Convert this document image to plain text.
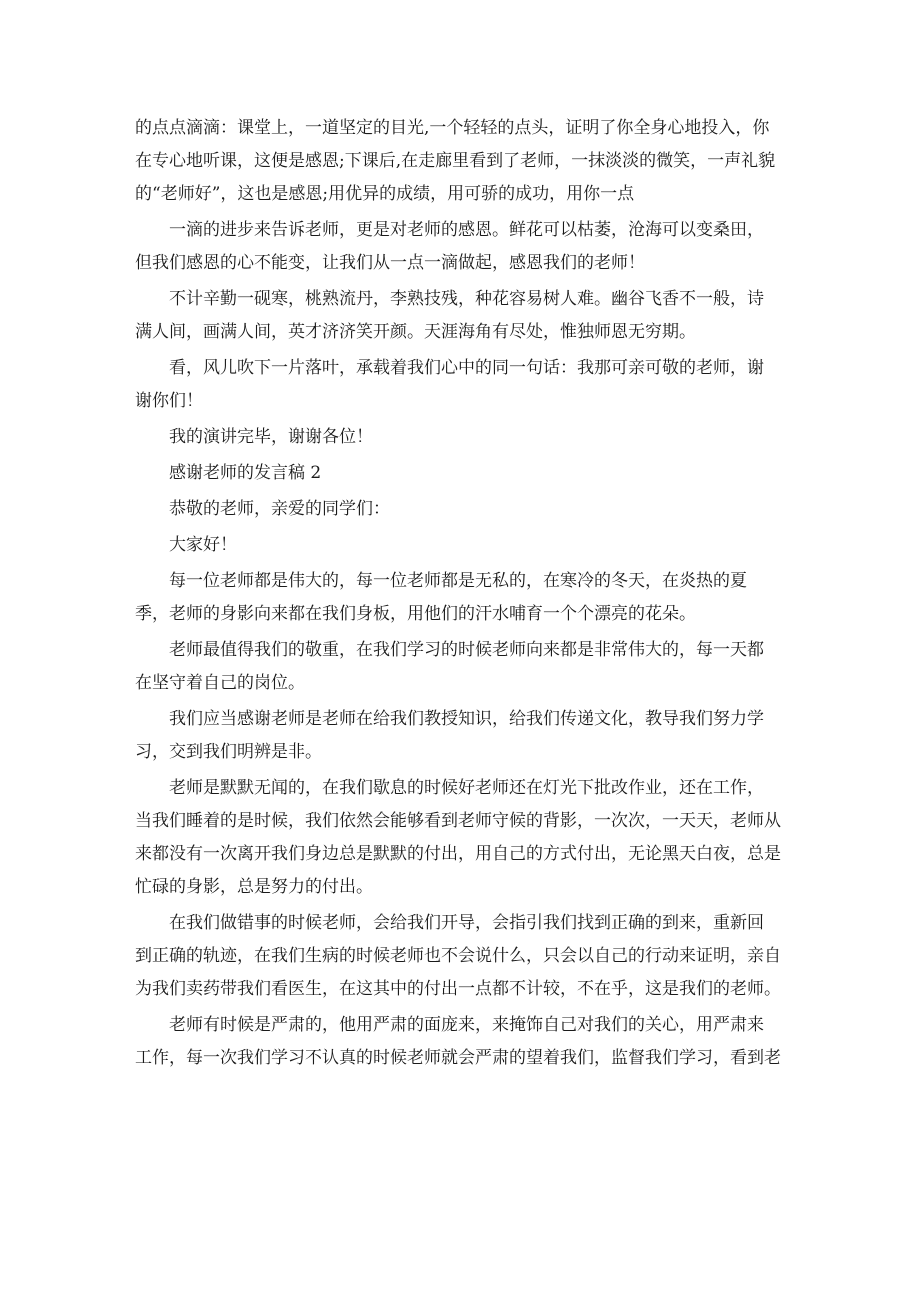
的点点滴滴：课堂上，一道坚定的目光,一个轻轻的点头，证明了你全身心地投入，你
在专心地听课，这便是感恩;下课后,在走廊里看到了老师，一抹淡淡的微笑，一声礼貌
的“老师好”，这也是感恩;用优异的成绩，用可骄的成功，用你一点
一滴的进步来告诉老师，更是对老师的感恩。鲜花可以枯萎，沧海可以变桑田，
但我们感恩的心不能变，让我们从一点一滴做起，感恩我们的老师！
不计辛勤一砚寒，桃熟流丹，李熟技残，种花容易树人难。幽谷飞香不一般，诗
满人间，画满人间，英才济济笑开颜。天涯海角有尽处，惟独师恩无穷期。
看，风儿吹下一片落叶，承载着我们心中的同一句话：我那可亲可敬的老师，谢
谢你们！
我的演讲完毕，谢谢各位！
感谢老师的发言稿 2
恭敬的老师，亲爱的同学们：
大家好！
每一位老师都是伟大的，每一位老师都是无私的，在寒冷的冬天，在炎热的夏
季，老师的身影向来都在我们身板，用他们的汗水哺育一个个漂亮的花朵。
老师最值得我们的敬重，在我们学习的时候老师向来都是非常伟大的，每一天都
在坚守着自己的岗位。
我们应当感谢老师是老师在给我们教授知识，给我们传递文化，教导我们努力学
习，交到我们明辨是非。
老师是默默无闻的，在我们歇息的时候好老师还在灯光下批改作业，还在工作，
当我们睡着的是时候，我们依然会能够看到老师守候的背影，一次次，一天天，老师从
来都没有一次离开我们身边总是默默的付出，用自己的方式付出，无论黑天白夜，总是
忙碌的身影，总是努力的付出。
在我们做错事的时候老师，会给我们开导，会指引我们找到正确的到来，重新回
到正确的轨迹，在我们生病的时候老师也不会说什么，只会以自己的行动来证明，亲自
为我们卖药带我们看医生，在这其中的付出一点都不计较，不在乎，这是我们的老师。
老师有时候是严肃的，他用严肃的面庞来，来掩饰自己对我们的关心，用严肃来
工作，每一次我们学习不认真的时候老师就会严肃的望着我们，监督我们学习，看到老
